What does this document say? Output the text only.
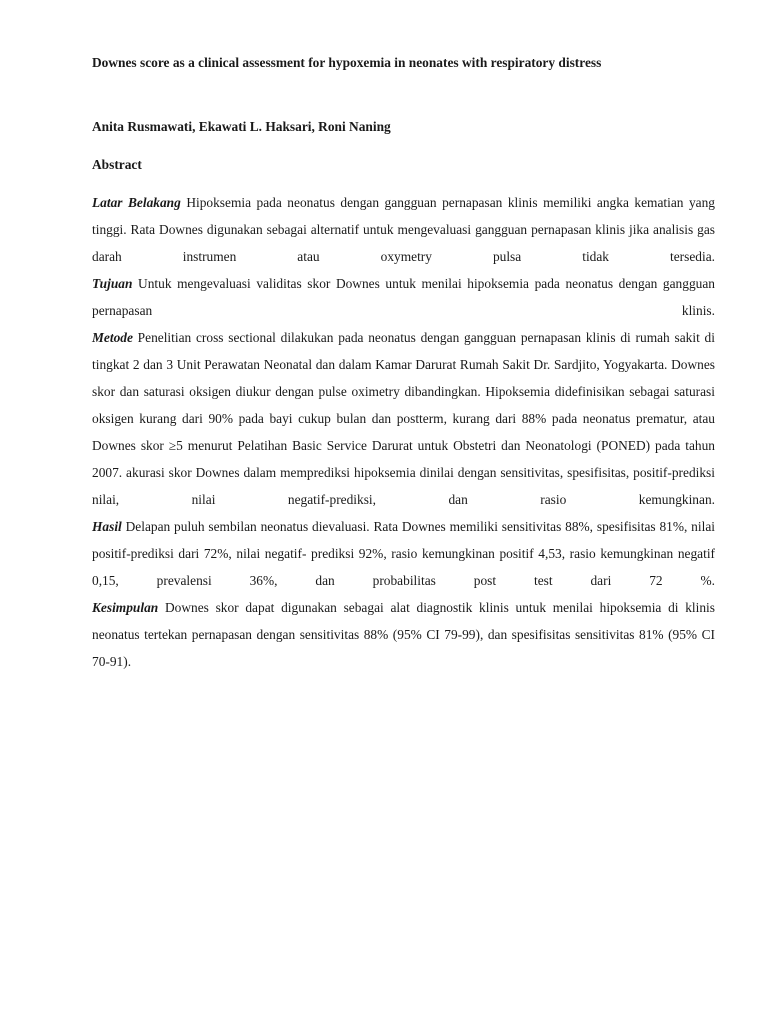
Downes score as a clinical assessment for hypoxemia in neonates with respiratory distress

Anita Rusmawati, Ekawati L. Haksari, Roni Naning

Abstract

Latar Belakang Hipoksemia pada neonatus dengan gangguan pernapasan klinis memiliki angka kematian yang tinggi. Rata Downes digunakan sebagai alternatif untuk mengevaluasi gangguan pernapasan klinis jika analisis gas darah instrumen atau oxymetry pulsa tidak tersedia.

Tujuan Untuk mengevaluasi validitas skor Downes untuk menilai hipoksemia pada neonatus dengan gangguan pernapasan klinis.

Metode Penelitian cross sectional dilakukan pada neonatus dengan gangguan pernapasan klinis di rumah sakit di tingkat 2 dan 3 Unit Perawatan Neonatal dan dalam Kamar Darurat Rumah Sakit Dr. Sardjito, Yogyakarta. Downes skor dan saturasi oksigen diukur dengan pulse oximetry dibandingkan. Hipoksemia didefinisikan sebagai saturasi oksigen kurang dari 90% pada bayi cukup bulan dan postterm, kurang dari 88% pada neonatus prematur, atau Downes skor ≥5 menurut Pelatihan Basic Service Darurat untuk Obstetri dan Neonatologi (PONED) pada tahun 2007. akurasi skor Downes dalam memprediksi hipoksemia dinilai dengan sensitivitas, spesifisitas, positif-prediksi nilai, nilai negatif-prediksi, dan rasio kemungkinan.

Hasil Delapan puluh sembilan neonatus dievaluasi. Rata Downes memiliki sensitivitas 88%, spesifisitas 81%, nilai positif-prediksi dari 72%, nilai negatif- prediksi 92%, rasio kemungkinan positif 4,53, rasio kemungkinan negatif 0,15, prevalensi 36%, dan probabilitas post test dari 72 %.

Kesimpulan Downes skor dapat digunakan sebagai alat diagnostik klinis untuk menilai hipoksemia di klinis neonatus tertekan pernapasan dengan sensitivitas 88% (95% CI 79-99), dan spesifisitas sensitivitas 81% (95% CI 70-91).
